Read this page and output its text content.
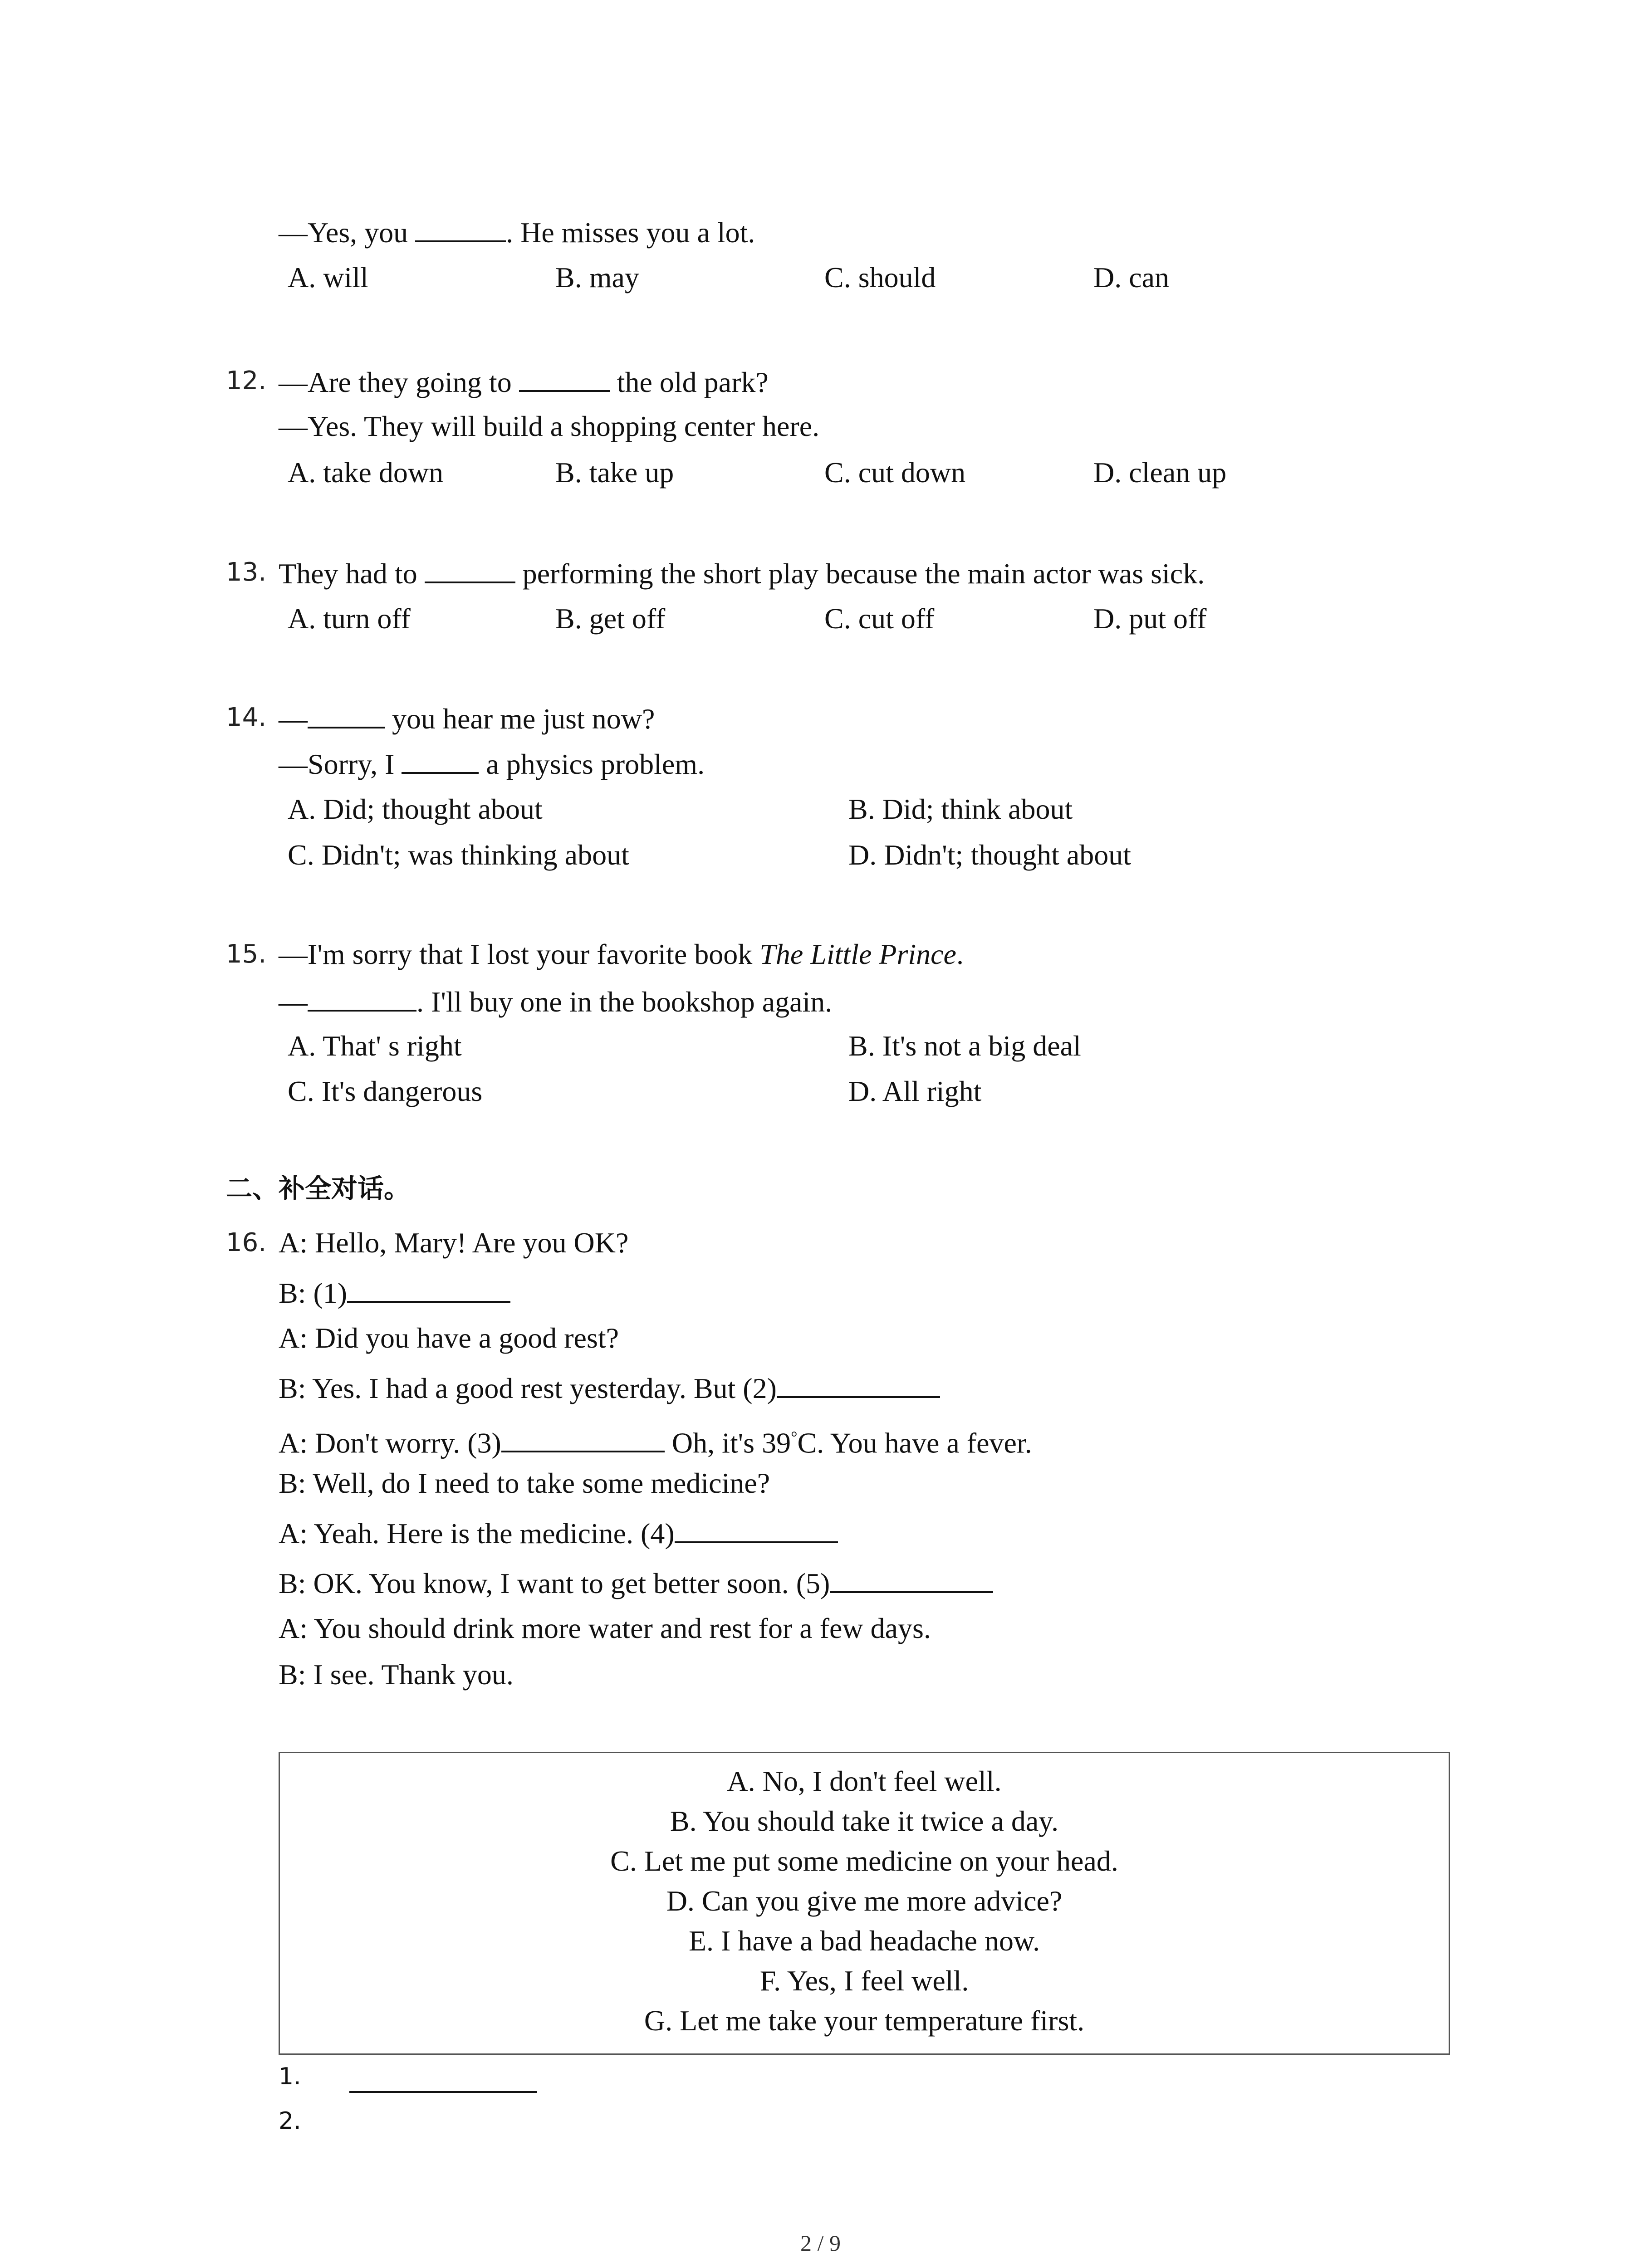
—Yes, you	. He misses you a lot.
A. will	B. may	C. should	D. can
12. —Are they going to	the old park?
—Yes. They will build a shopping center here.
A. take down	B. take up	C. cut down	D. clean up
13. They had to	performing the short play because the main actor was sick.
A. turn off	B. get off	C. cut off	D. put off
14. —	you hear me just now?
—Sorry, I	a physics problem.
A. Did; thought about	B. Did; think about
C. Didn't; was thinking about	D. Didn't; thought about
15. —I'm sorry that I lost your favorite book The Little Prince.
—	. I'll buy one in the bookshop again.
A. That' s right	B. It's not a big deal
C. It's dangerous	D. All right
二、补全对话。
16. A: Hello, Mary! Are you OK?
B: (1)
A: Did you have a good rest?
B: Yes. I had a good rest yesterday. But (2)
A: Don't worry. (3)	Oh, it's 39°C. You have a fever.
B: Well, do I need to take some medicine?
A: Yeah. Here is the medicine. (4)
B: OK. You know, I want to get better soon. (5)
A: You should drink more water and rest for a few days.
B: I see. Thank you.
A. No, I don't feel well.
B. You should take it twice a day.
C. Let me put some medicine on your head.
D. Can you give me more advice?
E. I have a bad headache now.
F. Yes, I feel well.
G. Let me take your temperature first.
1.
2.
2 / 9
